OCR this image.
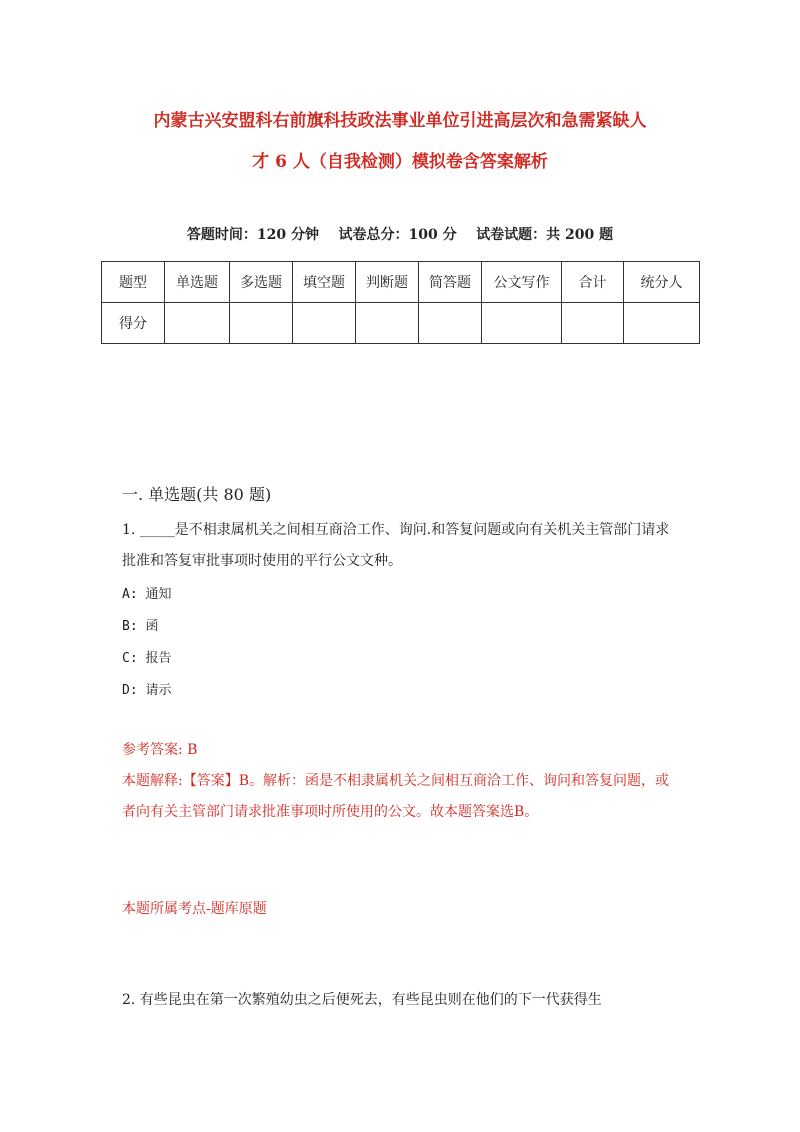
内蒙古兴安盟科右前旗科技政法事业单位引进高层次和急需紧缺人
才 6 人（自我检测）模拟卷含答案解析
答题时间：120 分钟    试卷总分：100 分    试卷试题：共 200 题
题型	单选题	多选题	填空题	判断题	简答题	公文写作	合计	统分人
得分								
一. 单选题(共 80 题)
1. _____是不相隶属机关之间相互商洽工作、询问.和答复问题或向有关机关主管部门请求批准和答复审批事项时使用的平行公文文种。
A: 通知
B: 函
C: 报告
D: 请示
参考答案: B
本题解释:【答案】B。解析：函是不相隶属机关之间相互商洽工作、询问和答复问题，或者向有关主管部门请求批准事项时所使用的公文。故本题答案选B。
本题所属考点-题库原题
2. 有些昆虫在第一次繁殖幼虫之后便死去，有些昆虫则在他们的下一代获得生
